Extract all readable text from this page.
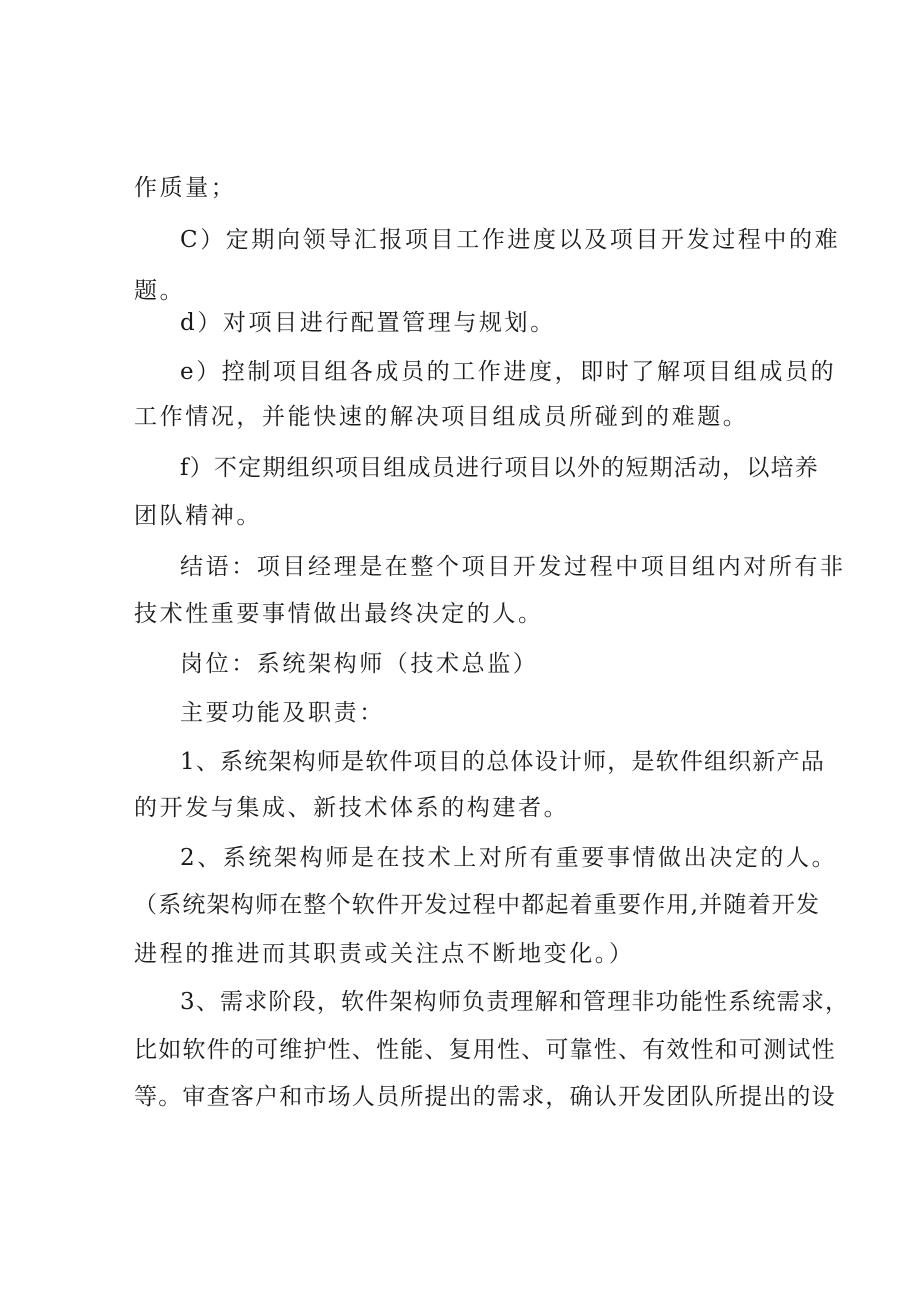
作质量；
C）定期向领导汇报项目工作进度以及项目开发过程中的难
题。
d）对项目进行配置管理与规划。
e）控制项目组各成员的工作进度，即时了解项目组成员的
工作情况，并能快速的解决项目组成员所碰到的难题。
f）不定期组织项目组成员进行项目以外的短期活动，以培养
团队精神。
结语：项目经理是在整个项目开发过程中项目组内对所有非
技术性重要事情做出最终决定的人。
岗位：系统架构师（技术总监）
主要功能及职责：
1、系统架构师是软件项目的总体设计师，是软件组织新产品
的开发与集成、新技术体系的构建者。
2、系统架构师是在技术上对所有重要事情做出决定的人。
（系统架构师在整个软件开发过程中都起着重要作用,并随着开发
进程的推进而其职责或关注点不断地变化。）
3、需求阶段，软件架构师负责理解和管理非功能性系统需求，
比如软件的可维护性、性能、复用性、可靠性、有效性和可测试性
等。审查客户和市场人员所提出的需求，确认开发团队所提出的设
